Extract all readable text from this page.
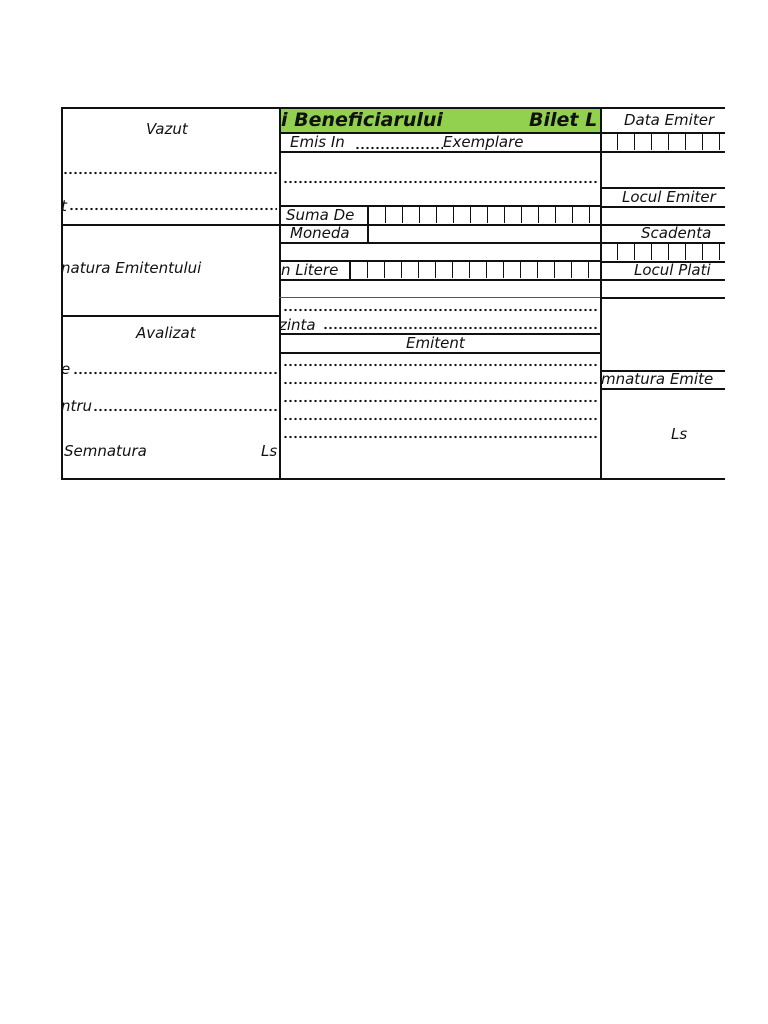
Vazut
t
natura Emitentului
Avalizat
e
ntru
Semnatura	Ls
i Beneficiarului	Bilet L
Emis In	Exemplare
Suma De
Moneda
n Litere
zinta
Emitent
Data Emiter
Locul Emiter
Scadenta
Locul Plati
mnatura Emite
Ls
